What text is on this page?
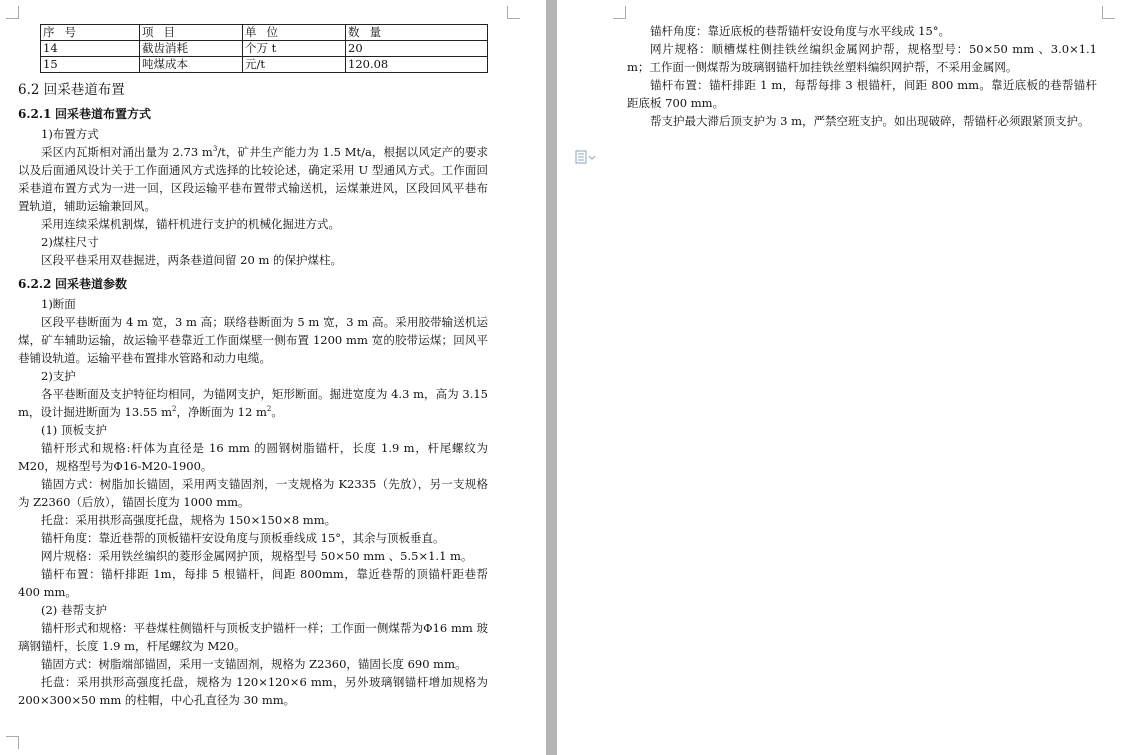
序号	项目	单位	数量
14	截齿消耗	个万 t	20
15	吨煤成本	元/t	120.08
6.2 回采巷道布置
6.2.1 回采巷道布置方式
1)布置方式
采区内瓦斯相对涌出量为 2.73 $m^3/t$，矿井生产能力为 1.5 Mt/a，根据以风定产的要求以及后面通风设计关于工作面通风方式选择的比较论述，确定采用 U 型通风方式。工作面回采巷道布置方式为一进一回，区段运输平巷布置带式输送机，运煤兼进风，区段回风平巷布置轨道，辅助运输兼回风。
采用连续采煤机割煤，锚杆机进行支护的机械化掘进方式。
2)煤柱尺寸
区段平巷采用双巷掘进，两条巷道间留 20 m 的保护煤柱。
6.2.2 回采巷道参数
1)断面
区段平巷断面为 4 m 宽，3 m 高；联络巷断面为 5 m 宽，3 m 高。采用胶带输送机运煤，矿车辅助运输，故运输平巷靠近工作面煤壁一侧布置 1200 mm 宽的胶带运煤；回风平巷铺设轨道。运输平巷布置排水管路和动力电缆。
2)支护
各平巷断面及支护特征均相同，为锚网支护，矩形断面。掘进宽度为 4.3 m，高为 3.15 m，设计掘进断面为 13.55 $m^2$，净断面为 12 $m^2$。
(1) 顶板支护
锚杆形式和规格:杆体为直径是 16 mm 的圆钢树脂锚杆，长度 1.9 m，杆尾螺纹为 M20，规格型号为Φ16-M20-1900。
锚固方式：树脂加长锚固，采用两支锚固剂，一支规格为 K2335（先放），另一支规格为 Z2360（后放），锚固长度为 1000 mm。
托盘：采用拱形高强度托盘，规格为 150×150×8 mm。
锚杆角度：靠近巷帮的顶板锚杆安设角度与顶板垂线成 15°，其余与顶板垂直。
网片规格：采用铁丝编织的菱形金属网护顶，规格型号 50×50 mm 、5.5×1.1 m。
锚杆布置：锚杆排距 1m，每排 5 根锚杆，间距 800mm，靠近巷帮的顶锚杆距巷帮 400 mm。
(2) 巷帮支护
锚杆形式和规格：平巷煤柱侧锚杆与顶板支护锚杆一样；工作面一侧煤帮为Φ16 mm 玻璃钢锚杆，长度 1.9 m，杆尾螺纹为 M20。
锚固方式：树脂端部锚固，采用一支锚固剂，规格为 Z2360，锚固长度 690 mm。
托盘：采用拱形高强度托盘，规格为 120×120×6 mm，另外玻璃钢锚杆增加规格为 200×300×50 mm 的柱帽，中心孔直径为 30 mm。
锚杆角度：靠近底板的巷帮锚杆安设角度与水平线成 15°。
网片规格：顺槽煤柱侧挂铁丝编织金属网护帮，规格型号：50×50 mm 、3.0×1.1 m；工作面一侧煤帮为玻璃钢锚杆加挂铁丝塑料编织网护帮，不采用金属网。
锚杆布置：锚杆排距 1 m，每帮每排 3 根锚杆，间距 800 mm。靠近底板的巷帮锚杆距底板 700 mm。
帮支护最大滞后顶支护为 3 m，严禁空班支护。如出现破碎，帮锚杆必须跟紧顶支护。
